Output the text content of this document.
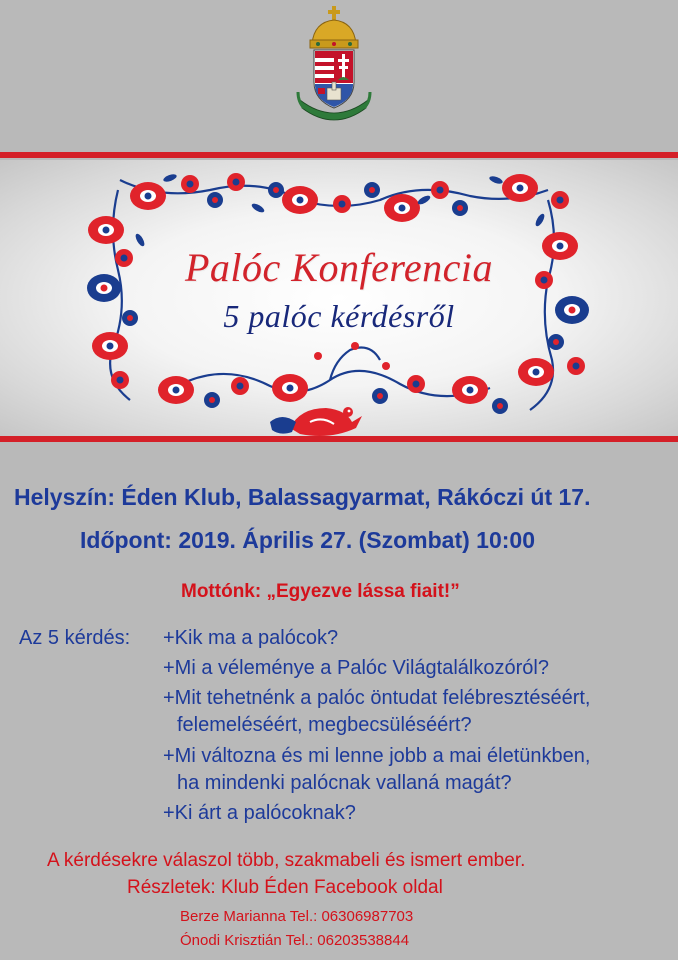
Palóc Konferencia
5 palóc kérdésről
Helyszín: Éden Klub, Balassagyarmat, Rákóczi út 17.
Időpont: 2019. Április 27. (Szombat) 10:00
Mottónk: „Egyezve lássa fiait!”
Az 5 kérdés: +Kik ma a palócok?
+Mi a véleménye a Palóc Világtalálkozóról?
+Mit tehetnénk a palóc öntudat felébresztéséért,
felemeléséért, megbecsüléséért?
+Mi változna és mi lenne jobb a mai életünkben,
ha mindenki palócnak vallaná magát?
+Ki árt a palócoknak?
A kérdésekre válaszol több, szakmabeli és ismert ember.
Részletek: Klub Éden Facebook oldal
Berze Marianna Tel.: 06306987703
Ónodi Krisztián Tel.: 06203538844
